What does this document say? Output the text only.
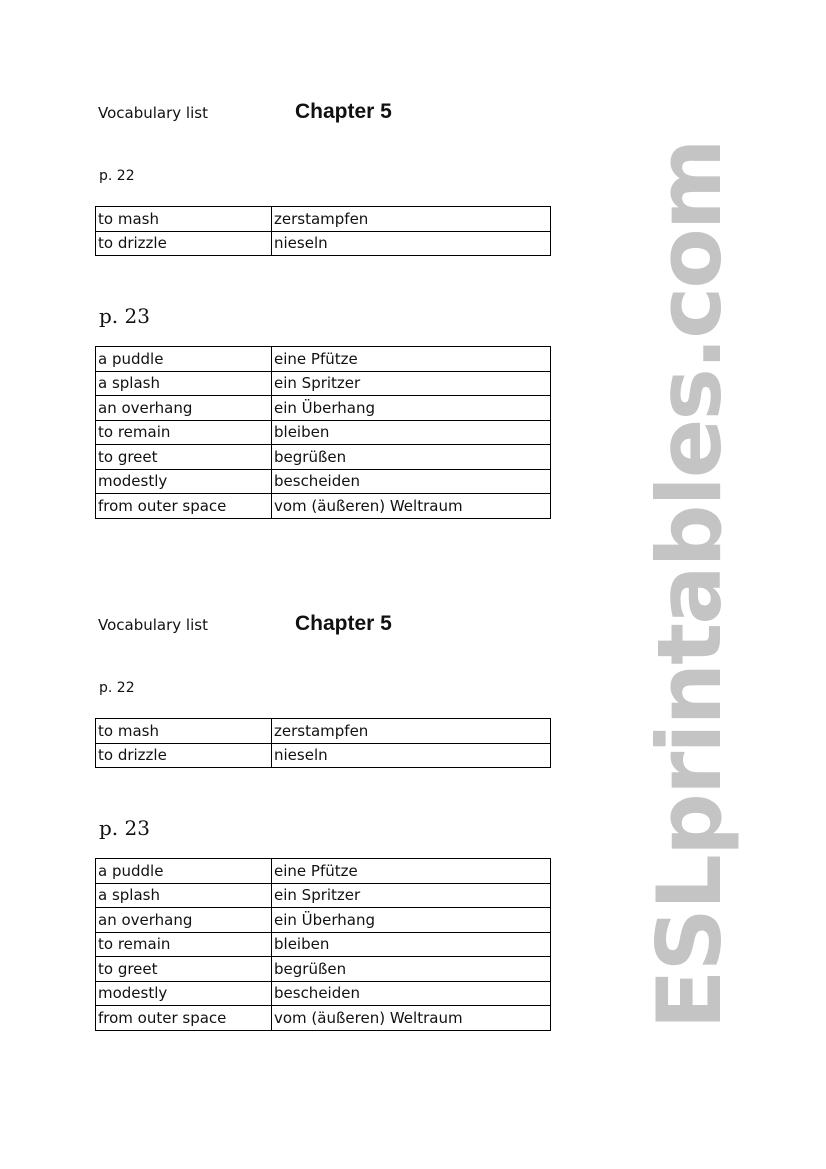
Vocabulary list	Chapter 5
p. 22
to mash	zerstampfen
to drizzle	nieseln
p. 23
a puddle	eine Pfütze
a splash	ein Spritzer
an overhang	ein Überhang
to remain	bleiben
to greet	begrüßen
modestly	bescheiden
from outer space	vom (äußeren) Weltraum
Vocabulary list	Chapter 5
p. 22
to mash	zerstampfen
to drizzle	nieseln
p. 23
a puddle	eine Pfütze
a splash	ein Spritzer
an overhang	ein Überhang
to remain	bleiben
to greet	begrüßen
modestly	bescheiden
from outer space	vom (äußeren) Weltraum ESLprintables.com
